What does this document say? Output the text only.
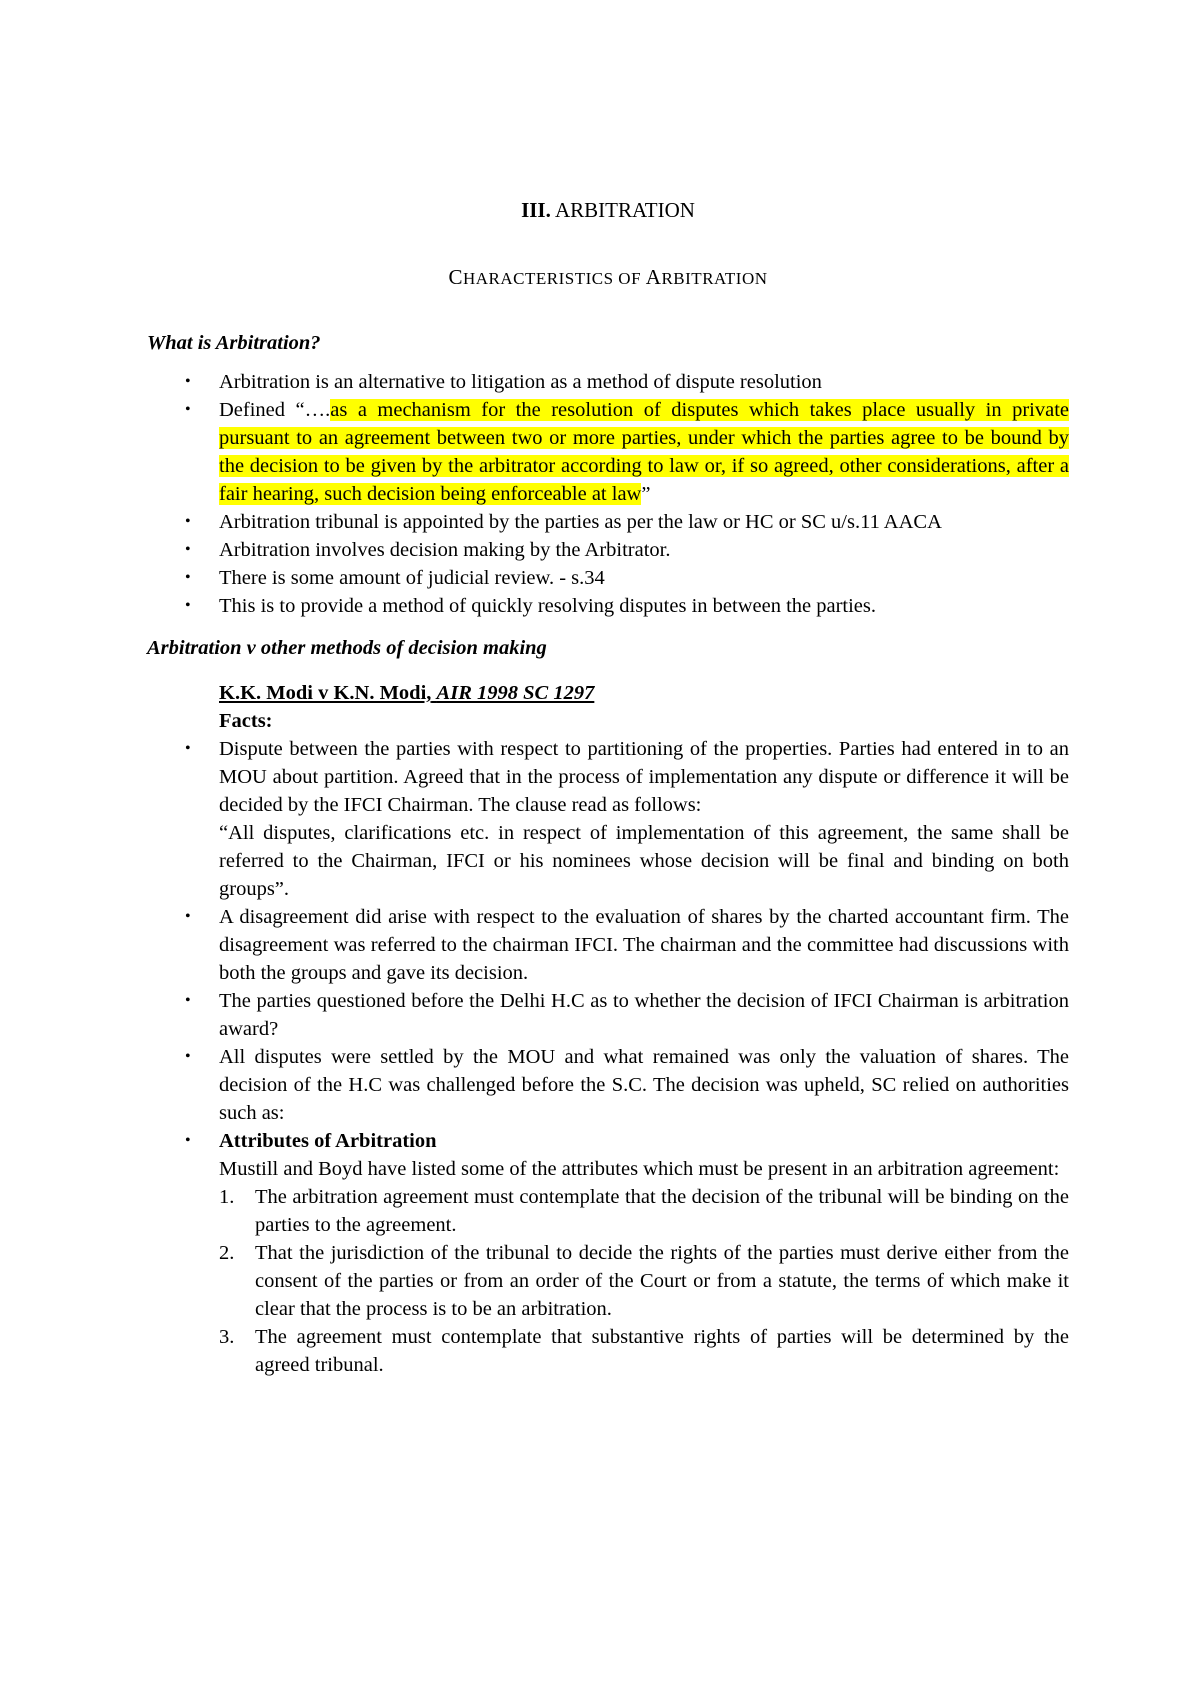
III. ARBITRATION
CHARACTERISTICS OF ARBITRATION
What is Arbitration?
• Arbitration is an alternative to litigation as a method of dispute resolution
• Defined “….as a mechanism for the resolution of disputes which takes place usually in private pursuant to an agreement between two or more parties, under which the parties agree to be bound by the decision to be given by the arbitrator according to law or, if so agreed, other considerations, after a fair hearing, such decision being enforceable at law”
• Arbitration tribunal is appointed by the parties as per the law or HC or SC u/s.11 AACA
• Arbitration involves decision making by the Arbitrator.
• There is some amount of judicial review. - s.34
• This is to provide a method of quickly resolving disputes in between the parties.
Arbitration v other methods of decision making
K.K. Modi v K.N. Modi, AIR 1998 SC 1297
Facts:
• Dispute between the parties with respect to partitioning of the properties. Parties had entered in to an MOU about partition. Agreed that in the process of implementation any dispute or difference it will be decided by the IFCI Chairman. The clause read as follows:
“All disputes, clarifications etc. in respect of implementation of this agreement, the same shall be referred to the Chairman, IFCI or his nominees whose decision will be final and binding on both groups”.
• A disagreement did arise with respect to the evaluation of shares by the charted accountant firm. The disagreement was referred to the chairman IFCI. The chairman and the committee had discussions with both the groups and gave its decision.
• The parties questioned before the Delhi H.C as to whether the decision of IFCI Chairman is arbitration award?
• All disputes were settled by the MOU and what remained was only the valuation of shares. The decision of the H.C was challenged before the S.C. The decision was upheld, SC relied on authorities such as:
• Attributes of Arbitration
Mustill and Boyd have listed some of the attributes which must be present in an arbitration agreement:
1. The arbitration agreement must contemplate that the decision of the tribunal will be binding on the parties to the agreement.
2. That the jurisdiction of the tribunal to decide the rights of the parties must derive either from the consent of the parties or from an order of the Court or from a statute, the terms of which make it clear that the process is to be an arbitration.
3. The agreement must contemplate that substantive rights of parties will be determined by the agreed tribunal.
